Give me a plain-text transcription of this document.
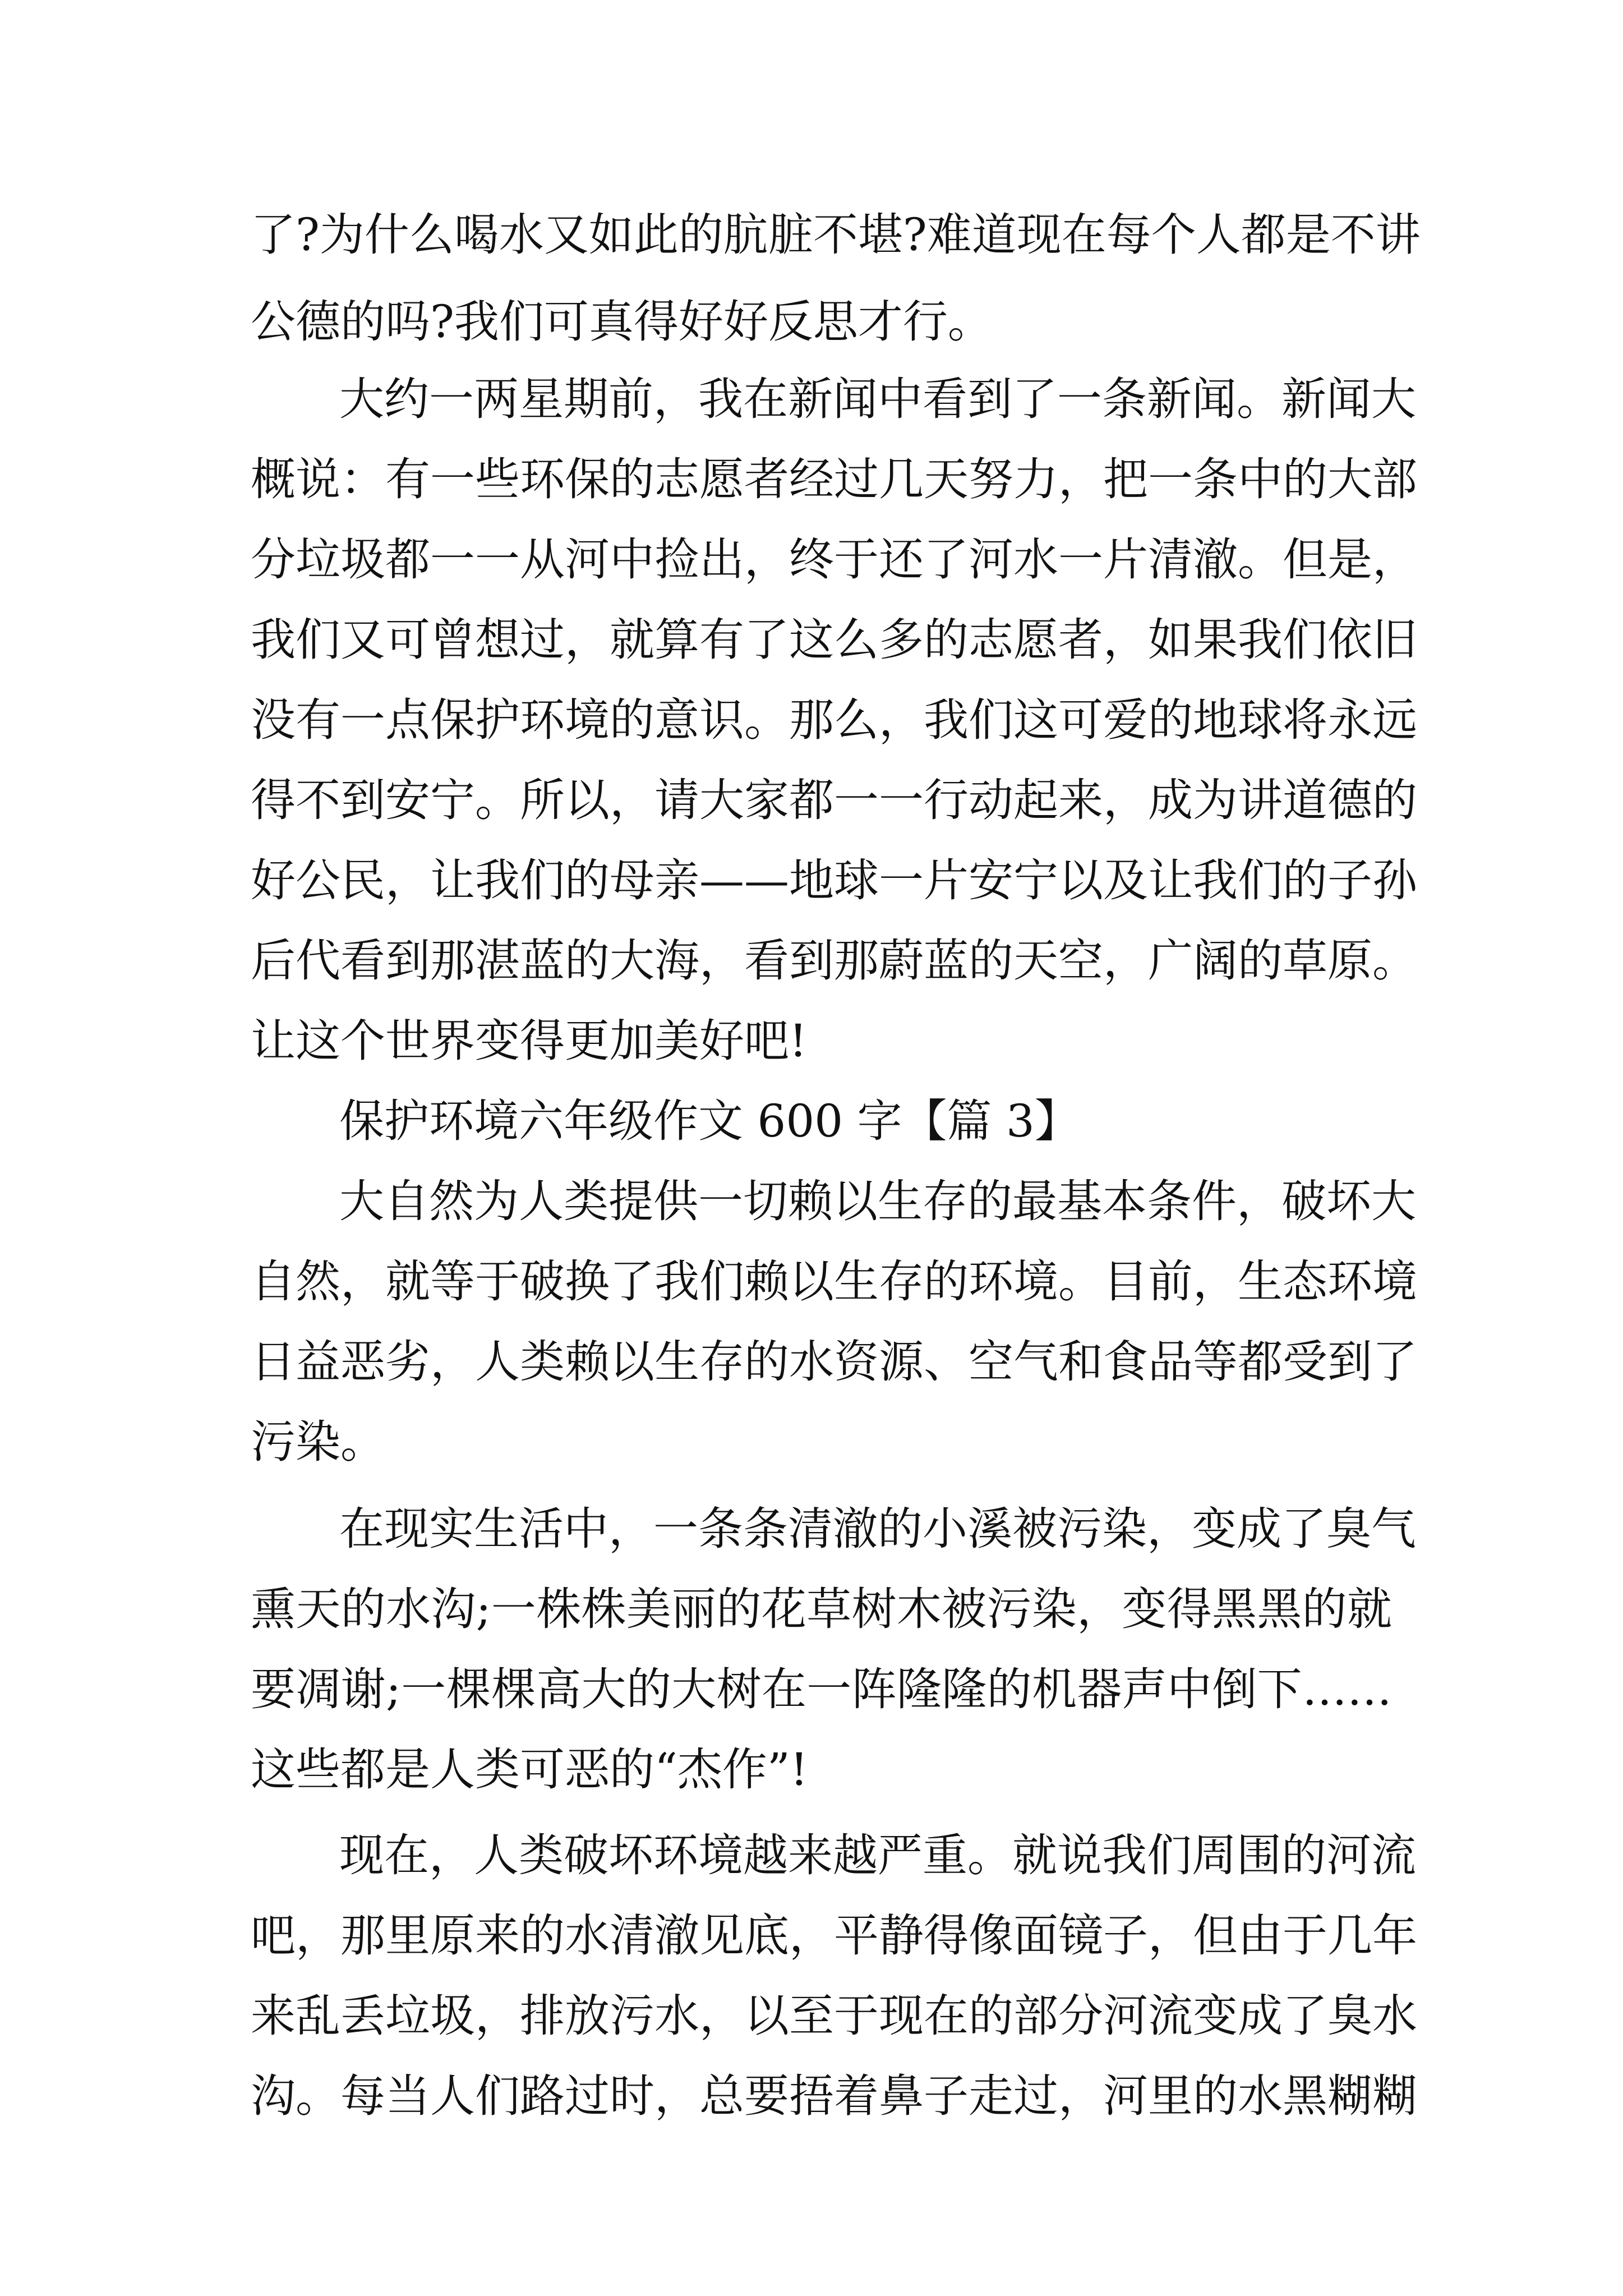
了?为什么喝水又如此的肮脏不堪?难道现在每个人都是不讲
公德的吗?我们可真得好好反思才行。
大约一两星期前，我在新闻中看到了一条新闻。新闻大
概说：有一些环保的志愿者经过几天努力，把一条中的大部
分垃圾都一一从河中捡出，终于还了河水一片清澈。但是，
我们又可曾想过，就算有了这么多的志愿者，如果我们依旧
没有一点保护环境的意识。那么，我们这可爱的地球将永远
得不到安宁。所以，请大家都一一行动起来，成为讲道德的
好公民，让我们的母亲——地球一片安宁以及让我们的子孙
后代看到那湛蓝的大海，看到那蔚蓝的天空，广阔的草原。
让这个世界变得更加美好吧!
保护环境六年级作文 600 字【篇 3】
大自然为人类提供一切赖以生存的最基本条件，破坏大
自然，就等于破换了我们赖以生存的环境。目前，生态环境
日益恶劣，人类赖以生存的水资源、空气和食品等都受到了
污染。
在现实生活中，一条条清澈的小溪被污染，变成了臭气
熏天的水沟;一株株美丽的花草树木被污染，变得黑黑的就
要凋谢;一棵棵高大的大树在一阵隆隆的机器声中倒下……
这些都是人类可恶的“杰作”!
现在，人类破坏环境越来越严重。就说我们周围的河流
吧，那里原来的水清澈见底，平静得像面镜子，但由于几年
来乱丢垃圾，排放污水，以至于现在的部分河流变成了臭水
沟。每当人们路过时，总要捂着鼻子走过，河里的水黑糊糊
